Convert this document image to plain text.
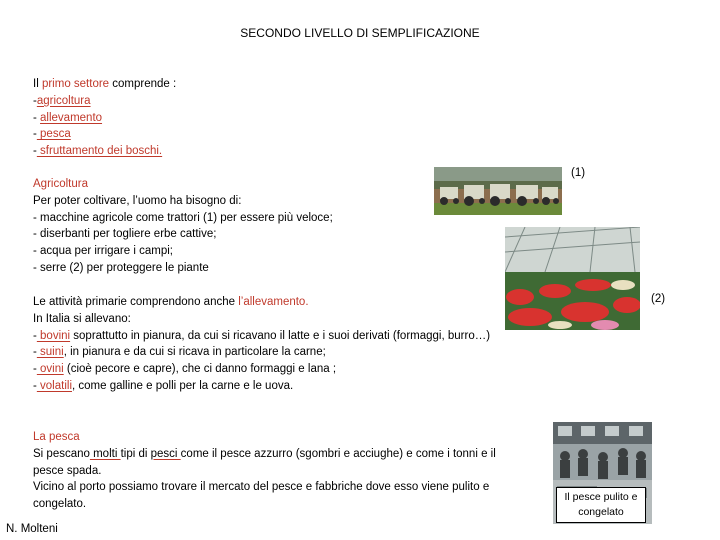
SECONDO LIVELLO DI SEMPLIFICAZIONE
Il primo settore comprende :
-agricoltura
- allevamento
- pesca
- sfruttamento dei boschi.
Agricoltura
Per poter coltivare, l’uomo ha bisogno di:
- macchine agricole come trattori (1) per essere più veloce;
- diserbanti per togliere erbe cattive;
- acqua per irrigare i campi;
- serre (2) per proteggere le piante
Le attività primarie comprendono anche l’allevamento.
In Italia si allevano:
- bovini soprattutto in pianura, da cui si ricavano il latte e i suoi derivati (formaggi, burro…)
- suini, in pianura e da cui si ricava in particolare la carne;
- ovini (cioè pecore e capre), che ci danno formaggi e lana ;
- volatili, come galline e polli per la carne e le uova.
La pesca
Si pescano molti tipi di pesci come il pesce azzurro (sgombri e acciughe) e come i tonni e il pesce spada.
Vicino al porto possiamo trovare il mercato del pesce e fabbriche dove esso viene pulito e congelato.
(1)
(2)
Il pesce pulito e congelato
N. Molteni
